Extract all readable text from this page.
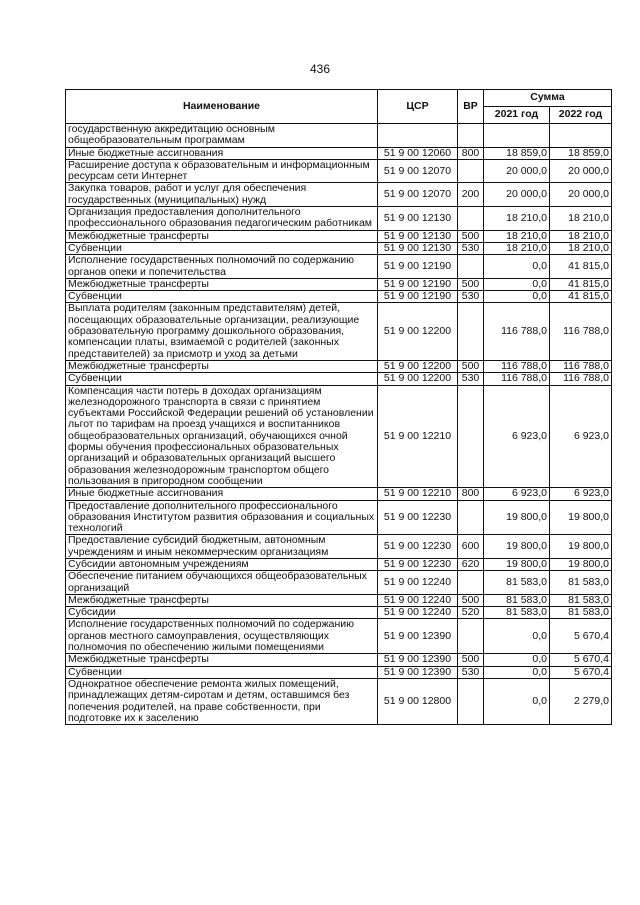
436
Наименование	ЦСР	ВР	Сумма	
			2021 год	2022 год
государственную аккредитацию основным общеобразовательным программам				
Иные бюджетные ассигнования	51 9 00 12060	800	18 859,0	18 859,0
Расширение доступа к образовательным и информационным ресурсам сети Интернет	51 9 00 12070		20 000,0	20 000,0
Закупка товаров, работ и услуг для обеспечения государственных (муниципальных) нужд	51 9 00 12070	200	20 000,0	20 000,0
Организация предоставления дополнительного профессионального образования педагогическим работникам	51 9 00 12130		18 210,0	18 210,0
Межбюджетные трансферты	51 9 00 12130	500	18 210,0	18 210,0
Субвенции	51 9 00 12130	530	18 210,0	18 210,0
Исполнение государственных полномочий по содержанию органов опеки и попечительства	51 9 00 12190		0,0	41 815,0
Межбюджетные трансферты	51 9 00 12190	500	0,0	41 815,0
Субвенции	51 9 00 12190	530	0,0	41 815,0
Выплата родителям (законным представителям) детей, посещающих образовательные организации, реализующие образовательную программу дошкольного образования, компенсации платы, взимаемой с родителей (законных представителей) за присмотр и уход за детьми	51 9 00 12200		116 788,0	116 788,0
Межбюджетные трансферты	51 9 00 12200	500	116 788,0	116 788,0
Субвенции	51 9 00 12200	530	116 788,0	116 788,0
Компенсация части потерь в доходах организациям железнодорожного транспорта в связи с принятием субъектами Российской Федерации решений об установлении льгот по тарифам на проезд учащихся и воспитанников общеобразовательных организаций, обучающихся очной формы обучения профессиональных образовательных организаций и образовательных организаций высшего образования железнодорожным транспортом общего пользования в пригородном сообщении	51 9 00 12210		6 923,0	6 923,0
Иные бюджетные ассигнования	51 9 00 12210	800	6 923,0	6 923,0
Предоставление дополнительного профессионального образования Институтом развития образования и социальных технологий	51 9 00 12230		19 800,0	19 800,0
Предоставление субсидий бюджетным, автономным учреждениям и иным некоммерческим организациям	51 9 00 12230	600	19 800,0	19 800,0
Субсидии автономным учреждениям	51 9 00 12230	620	19 800,0	19 800,0
Обеспечение питанием обучающихся общеобразовательных организаций	51 9 00 12240		81 583,0	81 583,0
Межбюджетные трансферты	51 9 00 12240	500	81 583,0	81 583,0
Субсидии	51 9 00 12240	520	81 583,0	81 583,0
Исполнение государственных полномочий по содержанию органов местного самоуправления, осуществляющих полномочия по обеспечению жилыми помещениями	51 9 00 12390		0,0	5 670,4
Межбюджетные трансферты	51 9 00 12390	500	0,0	5 670,4
Субвенции	51 9 00 12390	530	0,0	5 670,4
Однократное обеспечение ремонта жилых помещений, принадлежащих детям-сиротам и детям, оставшимся без попечения родителей, на праве собственности, при подготовке их к заселению	51 9 00 12800		0,0	2 279,0
